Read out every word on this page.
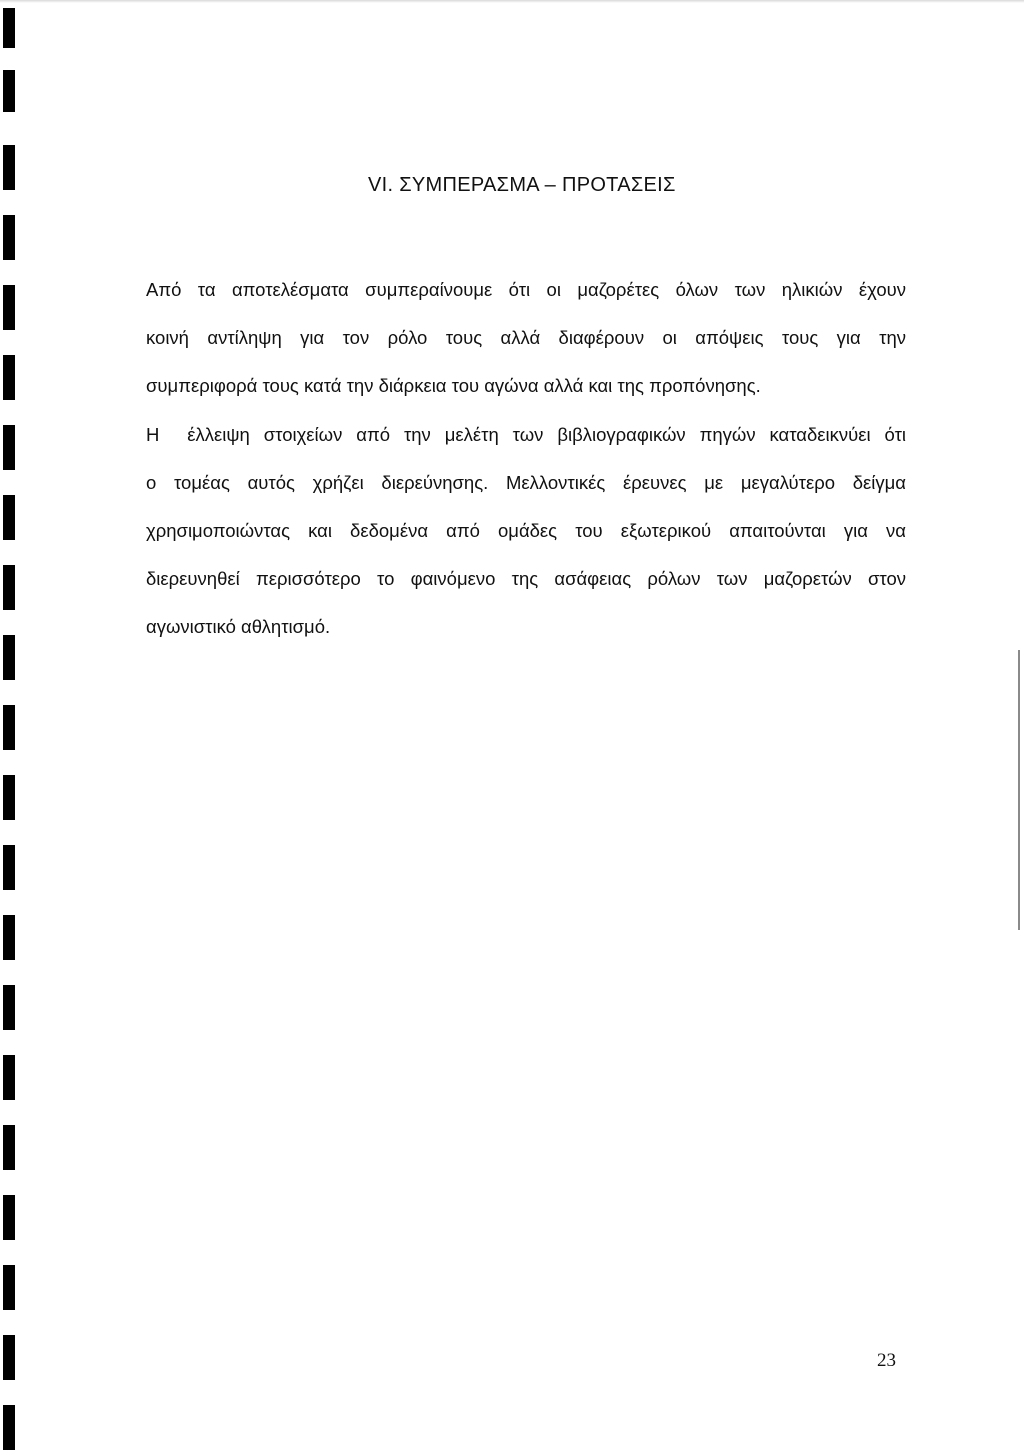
VI. ΣΥΜΠΕΡΑΣΜΑ – ΠΡΟΤΑΣΕΙΣ
Από τα αποτελέσματα συμπεραίνουμε ότι οι μαζορέτες όλων των ηλικιών έχουν
κοινή αντίληψη για τον ρόλο τους αλλά διαφέρουν οι απόψεις τους για την
συμπεριφορά τους κατά την διάρκεια του αγώνα αλλά και της προπόνησης.
Η  έλλειψη στοιχείων από την μελέτη των βιβλιογραφικών πηγών καταδεικνύει ότι
ο τομέας αυτός χρήζει διερεύνησης. Μελλοντικές έρευνες με μεγαλύτερο δείγμα
χρησιμοποιώντας και δεδομένα από ομάδες του εξωτερικού απαιτούνται για να
διερευνηθεί περισσότερο το φαινόμενο της ασάφειας ρόλων των μαζορετών στον
αγωνιστικό αθλητισμό.

23
